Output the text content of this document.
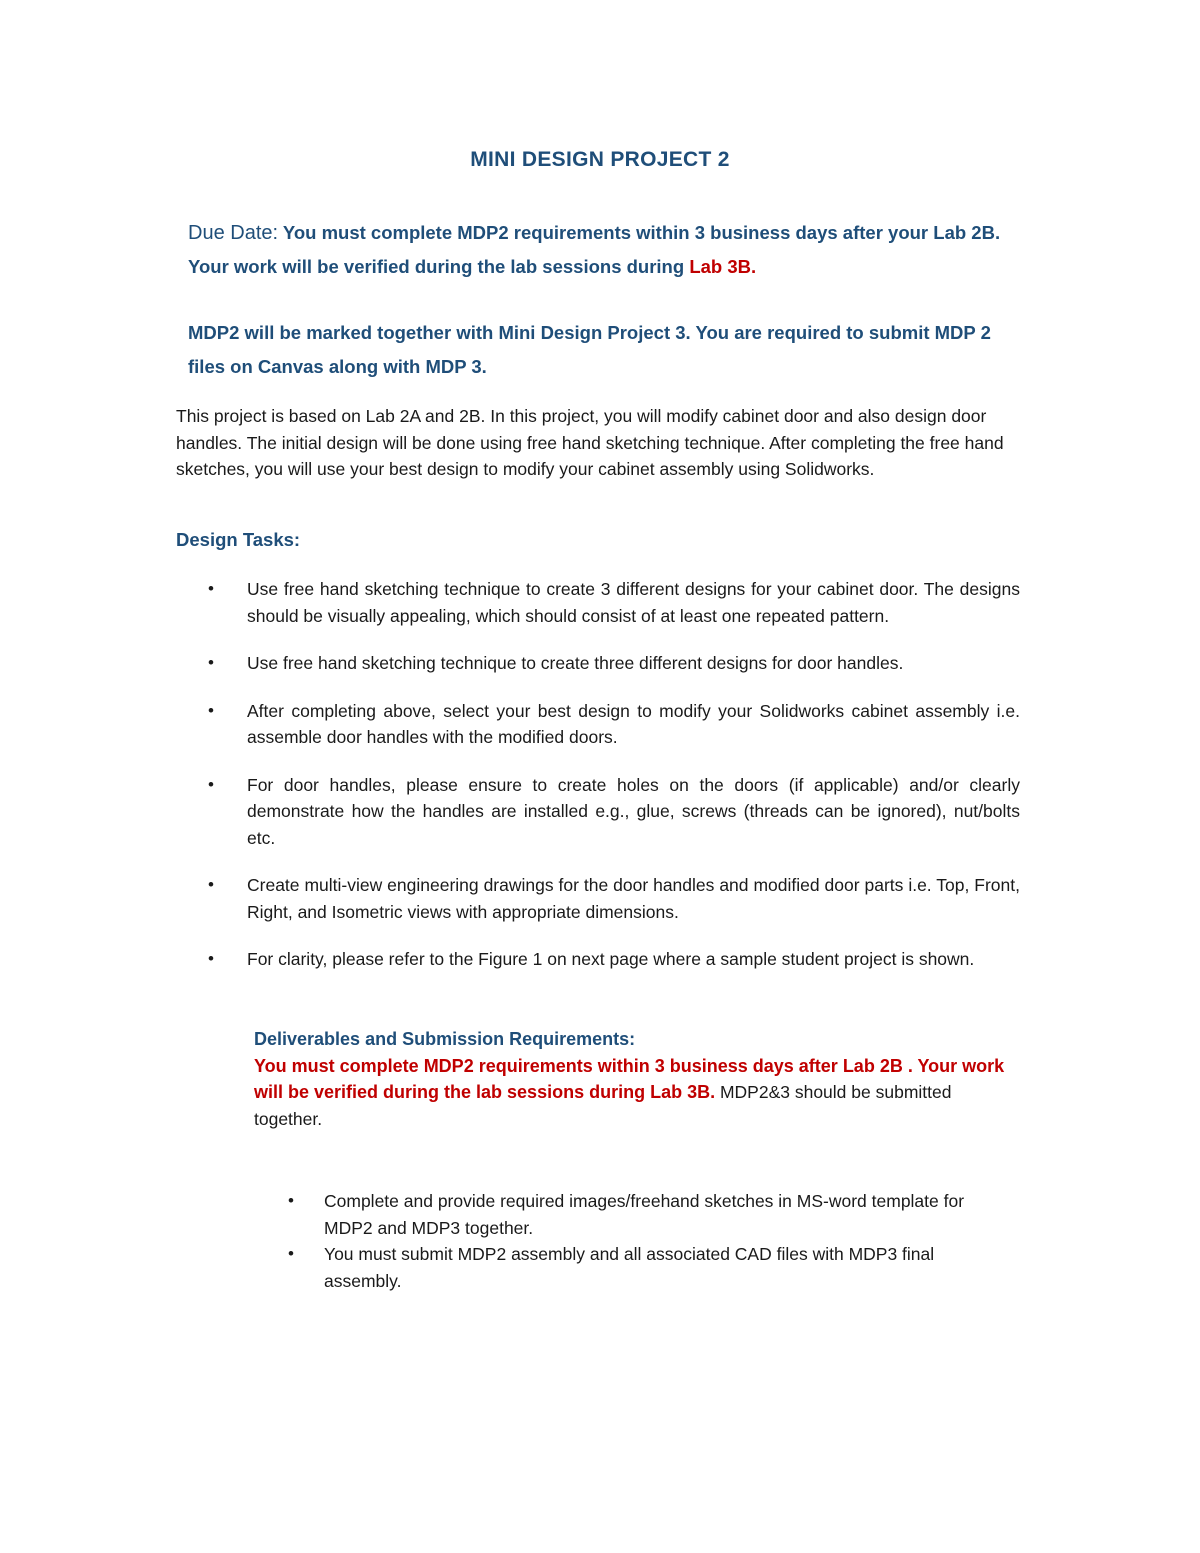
MINI DESIGN PROJECT 2
Due Date: You must complete MDP2 requirements within 3 business days after your Lab 2B. Your work will be verified during the lab sessions during Lab 3B.
MDP2 will be marked together with Mini Design Project 3. You are required to submit MDP 2 files on Canvas along with MDP 3.
This project is based on Lab 2A and 2B. In this project, you will modify cabinet door and also design door handles. The initial design will be done using free hand sketching technique. After completing the free hand sketches, you will use your best design to modify your cabinet assembly using Solidworks.
Design Tasks:
• Use free hand sketching technique to create 3 different designs for your cabinet door. The designs should be visually appealing, which should consist of at least one repeated pattern.
• Use free hand sketching technique to create three different designs for door handles.
• After completing above, select your best design to modify your Solidworks cabinet assembly i.e. assemble door handles with the modified doors.
• For door handles, please ensure to create holes on the doors (if applicable) and/or clearly demonstrate how the handles are installed e.g., glue, screws (threads can be ignored), nut/bolts etc.
• Create multi-view engineering drawings for the door handles and modified door parts i.e. Top, Front, Right, and Isometric views with appropriate dimensions.
• For clarity, please refer to the Figure 1 on next page where a sample student project is shown.
Deliverables and Submission Requirements:
You must complete MDP2 requirements within 3 business days after Lab 2B . Your work will be verified during the lab sessions during Lab 3B. MDP2&3 should be submitted together.
• Complete and provide required images/freehand sketches in MS-word template for MDP2 and MDP3 together.
• You must submit MDP2 assembly and all associated CAD files with MDP3 final assembly.
